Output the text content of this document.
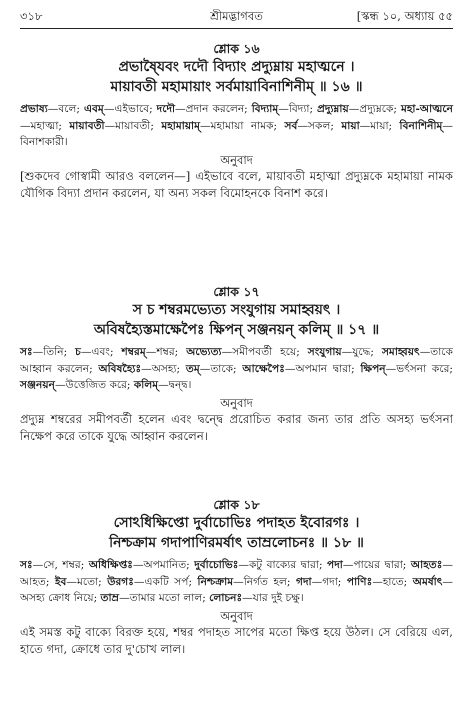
৩১৮	শ্রীমদ্ভাগবত	[স্কন্ধ ১০, অধ্যায় ৫৫
শ্লোক ১৬
প্রভাষৈ্যবং দদৌ বিদ্যাং প্রদ্যুম্নায় মহাত্মনে ।
মায়াবতী মহামায়াং সর্বমায়াবিনাশিনীম্ ॥ ১৬ ॥
প্রভাষ্য—বলে; এবম্—এইভাবে; দদৌ—প্রদান করলেন; বিদ্যাম্—বিদ্যা; প্রদ্যুম্নায়—প্রদ্যুম্নকে; মহা-আত্মনে—মহাত্মা; মায়াবতী—মায়াবতী; মহামায়াম্—মহামায়া নামক; সর্ব—সকল; মায়া—মায়া; বিনাশিনীম্—বিনাশকারী।
অনুবাদ
[শুকদেব গোস্বামী আরও বললেন—] এইভাবে বলে, মায়াবতী মহাত্মা প্রদ্যুম্নকে মহামায়া নামক যৌগিক বিদ্যা প্রদান করলেন, যা অন্য সকল বিমোহনকে বিনাশ করে।
শ্লোক ১৭
স চ শম্বরমভ্যেত্য সংযুগায় সমাহ্বয়ৎ ।
অবিষহ্যৈস্তমাক্ষেপৈঃ ক্ষিপন্ সঞ্জনয়ন্ কলিম্ ॥ ১৭ ॥
সঃ—তিনি; চ—এবং; শম্বরম্—শম্বর; অভ্যেত্য—সমীপবর্তী হয়ে; সংযুগায়—যুদ্ধে; সমাহ্বয়ৎ—তাকে আহ্বান করলেন; অবিষহ্যৈঃ—অসহ্য; তম্—তাকে; আক্ষেপৈঃ—অপমান দ্বারা; ক্ষিপন্—ভর্ৎসনা করে; সঞ্জনয়ন্—উত্তেজিত করে; কলিম্—দ্বন্দ্ব।
অনুবাদ
প্রদ্যুম্ন শম্বরের সমীপবর্তী হলেন এবং দ্বন্দ্বে প্ররোচিত করার জন্য তার প্রতি অসহ্য ভর্ৎসনা নিক্ষেপ করে তাকে যুদ্ধে আহ্বান করলেন।
শ্লোক ১৮
সোঽধিক্ষিপ্তো দুর্বাচোভিঃ পদাহত ইবোরগঃ ।
নিশ্চক্রাম গদাপাণিরমর্ষাৎ তাম্রলোচনঃ ॥ ১৮ ॥
সঃ—সে, শম্বর; অধিক্ষিপ্তঃ—অপমানিত; দুর্বাচোভিঃ—কটু বাক্যের দ্বারা; পদা—পায়ের দ্বারা; আহতঃ—আহত; ইব—মতো; উরগঃ—একটি সর্প; নিশ্চক্রাম—নির্গত হল; গদা—গদা; পাণিঃ—হাতে; অমর্ষাৎ—অসহ্য ক্রোধ নিয়ে; তাম্র—তামার মতো লাল; লোচনঃ—যার দুই চক্ষু।
অনুবাদ
এই সমস্ত কটু বাক্যে বিরক্ত হয়ে, শম্বর পদাহত সাপের মতো ক্ষিপ্ত হয়ে উঠল। সে বেরিয়ে এল, হাতে গদা, ক্রোধে তার দু'চোখ লাল।
